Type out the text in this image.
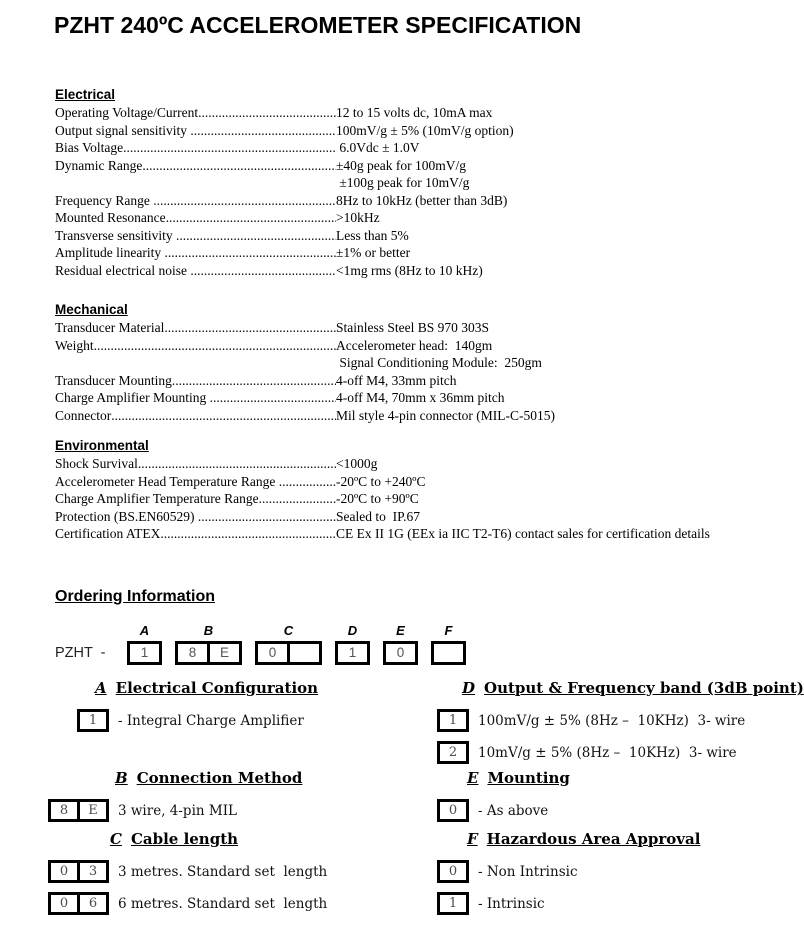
PZHT 240ºC ACCELEROMETER SPECIFICATION
Electrical
Operating Voltage/Current .....	12 to 15 volts dc, 10mA max
Output signal sensitivity .....	100mV/g ± 5% (10mV/g option)
Bias Voltage .....	6.0Vdc ± 1.0V
Dynamic Range .....	±40g peak for 100mV/g
±100g peak for 10mV/g
Frequency Range .....	8Hz to 10kHz (better than 3dB)
Mounted Resonance .....	>10kHz
Transverse sensitivity .....	Less than 5%
Amplitude linearity .....	±1% or better
Residual electrical noise .....	<1mg rms (8Hz to 10 kHz)
Mechanical
Transducer Material .....	Stainless Steel BS 970 303S
Weight .....	Accelerometer head:  140gm
Signal Conditioning Module:  250gm
Transducer Mounting .....	4-off M4, 33mm pitch
Charge Amplifier Mounting .....	4-off M4, 70mm x 36mm pitch
Connector .....	Mil style 4-pin connector (MIL-C-5015)
Environmental
Shock Survival .....	<1000g
Accelerometer Head Temperature Range .....	-20ºC to +240ºC
Charge Amplifier Temperature Range .....	-20ºC to +90ºC
Protection (BS.EN60529) .....	Sealed to  IP.67
Certification ATEX .....	CE Ex II 1G (EEx ia IIC T2-T6) contact sales for certification details
Ordering Information
PZHT  -
A
1
B
8	E
C
0

D
1
E
0
F

A Electrical Configuration
1	- Integral Charge Amplifier
D Output & Frequency band (3dB point)
1	100mV/g ± 5% (8Hz –  10KHz)  3- wire
2	10mV/g ± 5% (8Hz –  10KHz)  3- wire
B Connection Method
8	E	3 wire, 4-pin MIL
E Mounting
0	- As above
C Cable length
0	3	3 metres. Standard set  length
0	6	6 metres. Standard set  length
F Hazardous Area Approval
0	- Non Intrinsic
1	- Intrinsic
